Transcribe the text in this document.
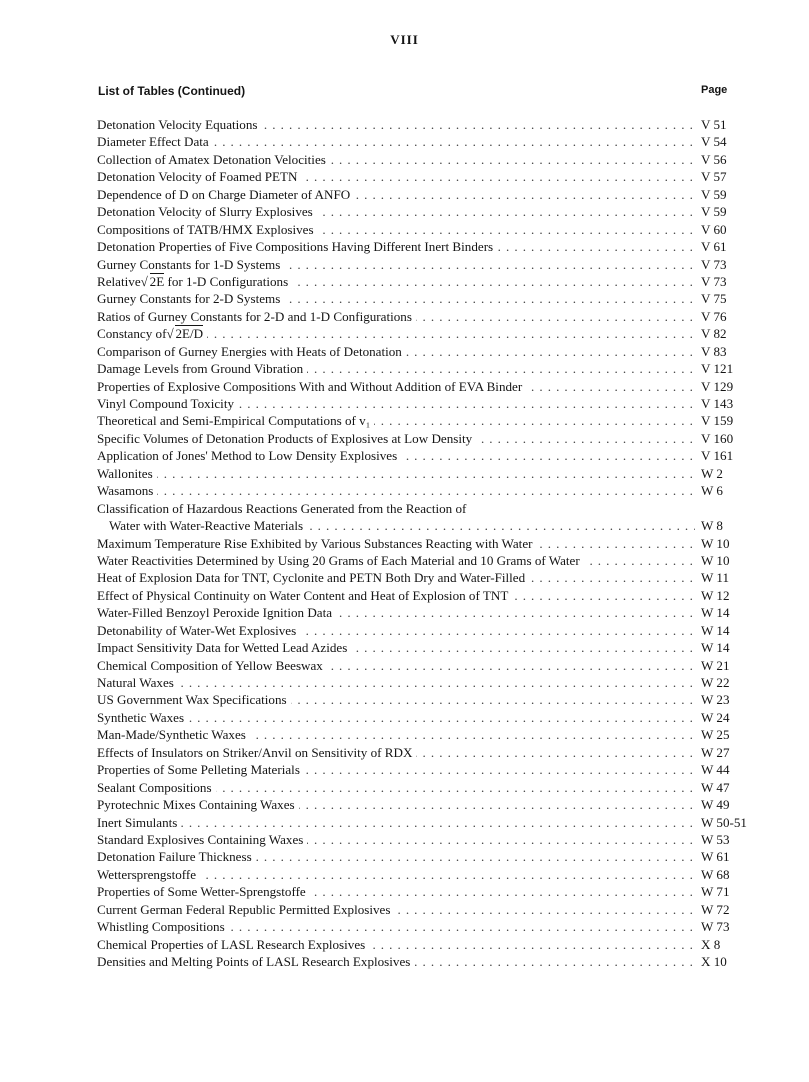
VIII
List of Tables (Continued)	Page
Detonation Velocity Equations . . .	V 51
Diameter Effect Data . . .	V 54
Collection of Amatex Detonation Velocities . . .	V 56
Detonation Velocity of Foamed PETN . . .	V 57
Dependence of D on Charge Diameter of ANFO . . .	V 59
Detonation Velocity of Slurry Explosives . . .	V 59
Compositions of TATB/HMX Explosives . . .	V 60
Detonation Properties of Five Compositions Having Different Inert Binders . . .	V 61
Gurney Constants for 1-D Systems . . .	V 73
Relative √ 2E for 1-D Configurations . . .	V 73
Gurney Constants for 2-D Systems . . .	V 75
Ratios of Gurney Constants for 2-D and 1-D Configurations . . .	V 76
Constancy of √ 2E/D . . .	V 82
Comparison of Gurney Energies with Heats of Detonation . . .	V 83
Damage Levels from Ground Vibration . . .	V 121
Properties of Explosive Compositions With and Without Addition of EVA Binder . . .	V 129
Vinyl Compound Toxicity . . .	V 143
Theoretical and Semi-Empirical Computations of v₁ . . .	V 159
Specific Volumes of Detonation Products of Explosives at Low Density . . .	V 160
Application of Jones' Method to Low Density Explosives . . .	V 161
Wallonites . . .	W 2
Wasamons . . .	W 6
Classification of Hazardous Reactions Generated from the Reaction of
Water with Water-Reactive Materials . . .	W 8
Maximum Temperature Rise Exhibited by Various Substances Reacting with Water . . .	W 10
Water Reactivities Determined by Using 20 Grams of Each Material and 10 Grams of Water . . .	W 10
Heat of Explosion Data for TNT, Cyclonite and PETN Both Dry and Water-Filled . . .	W 11
Effect of Physical Continuity on Water Content and Heat of Explosion of TNT . . .	W 12
Water-Filled Benzoyl Peroxide Ignition Data . . .	W 14
Detonability of Water-Wet Explosives . . .	W 14
Impact Sensitivity Data for Wetted Lead Azides . . .	W 14
Chemical Composition of Yellow Beeswax . . .	W 21
Natural Waxes . . .	W 22
US Government Wax Specifications . . .	W 23
Synthetic Waxes . . .	W 24
Man-Made/Synthetic Waxes . . .	W 25
Effects of Insulators on Striker/Anvil on Sensitivity of RDX . . .	W 27
Properties of Some Pelleting Materials . . .	W 44
Sealant Compositions . . .	W 47
Pyrotechnic Mixes Containing Waxes . . .	W 49
Inert Simulants . . .	W 50-51
Standard Explosives Containing Waxes . . .	W 53
Detonation Failure Thickness . . .	W 61
Wettersprengstoffe . . .	W 68
Properties of Some Wetter-Sprengstoffe . . .	W 71
Current German Federal Republic Permitted Explosives . . .	W 72
Whistling Compositions . . .	W 73
Chemical Properties of LASL Research Explosives . . .	X 8
Densities and Melting Points of LASL Research Explosives . . .	X 10
